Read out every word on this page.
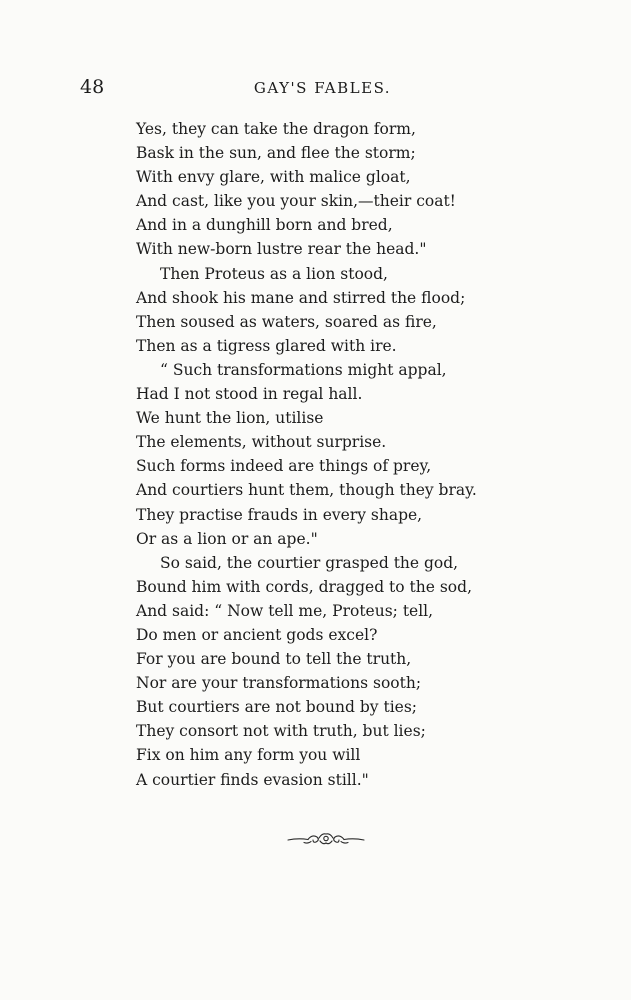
48	GAY'S FABLES.
Yes, they can take the dragon form,
Bask in the sun, and flee the storm;
With envy glare, with malice gloat,
And cast, like you your skin,—their coat!
And in a dunghill born and bred,
With new-born lustre rear the head."
Then Proteus as a lion stood,
And shook his mane and stirred the flood;
Then soused as waters, soared as fire,
Then as a tigress glared with ire.
“ Such transformations might appal,
Had I not stood in regal hall.
We hunt the lion, utilise
The elements, without surprise.
Such forms indeed are things of prey,
And courtiers hunt them, though they bray.
They practise frauds in every shape,
Or as a lion or an ape."
So said, the courtier grasped the god,
Bound him with cords, dragged to the sod,
And said: “ Now tell me, Proteus; tell,
Do men or ancient gods excel?
For you are bound to tell the truth,
Nor are your transformations sooth;
But courtiers are not bound by ties;
They consort not with truth, but lies;
Fix on him any form you will
A courtier finds evasion still."
